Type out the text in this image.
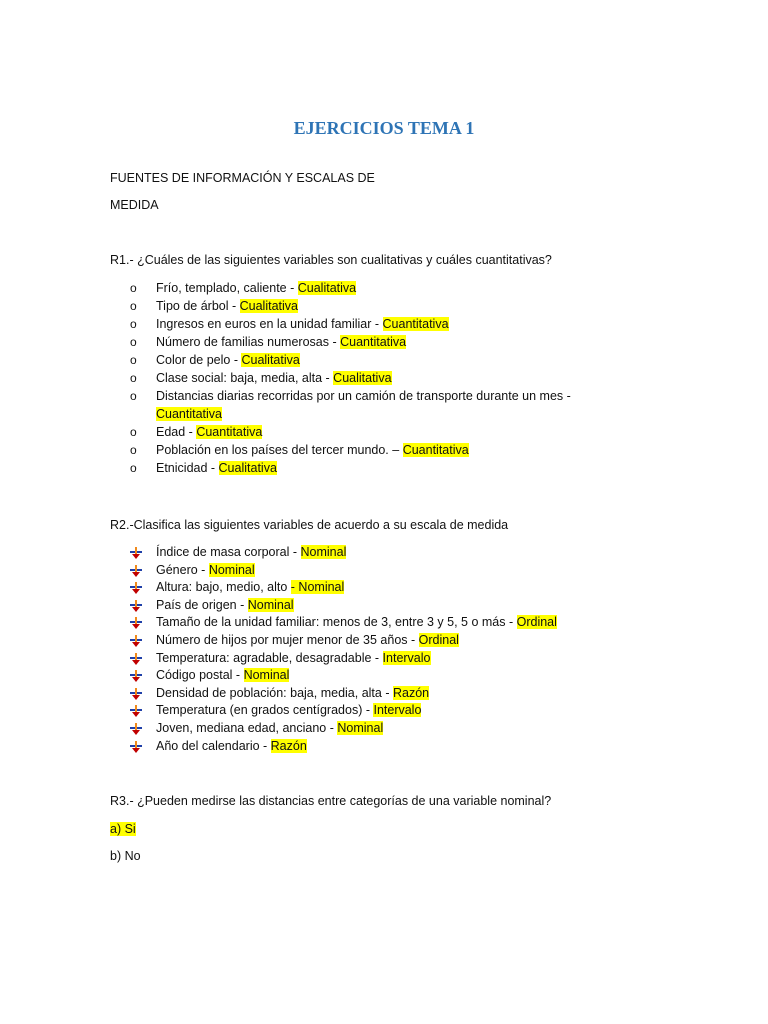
EJERCICIOS TEMA 1

FUENTES DE INFORMACIÓN Y ESCALAS DE

MEDIDA

R1.- ¿Cuáles de las siguientes variables son cualitativas y cuáles cuantitativas?

o	Frío, templado, caliente - Cualitativa
o	Tipo de árbol - Cualitativa
o	Ingresos en euros en la unidad familiar - Cuantitativa
o	Número de familias numerosas - Cuantitativa
o	Color de pelo - Cualitativa
o	Clase social: baja, media, alta - Cualitativa
o	Distancias diarias recorridas por un camión de transporte durante un mes -
Cuantitativa
o	Edad - Cuantitativa
o	Población en los países del tercer mundo. – Cuantitativa
o	Etnicidad - Cualitativa

R2.-Clasifica las siguientes variables de acuerdo a su escala de medida

Índice de masa corporal - Nominal
Género - Nominal
Altura: bajo, medio, alto - Nominal
País de origen - Nominal
Tamaño de la unidad familiar: menos de 3, entre 3 y 5, 5 o más - Ordinal
Número de hijos por mujer menor de 35 años - Ordinal
Temperatura: agradable, desagradable - Intervalo
Código postal - Nominal
Densidad de población: baja, media, alta - Razón
Temperatura (en grados centígrados) - Intervalo
Joven, mediana edad, anciano - Nominal
Año del calendario - Razón

R3.- ¿Pueden medirse las distancias entre categorías de una variable nominal?

a) Si

b) No
